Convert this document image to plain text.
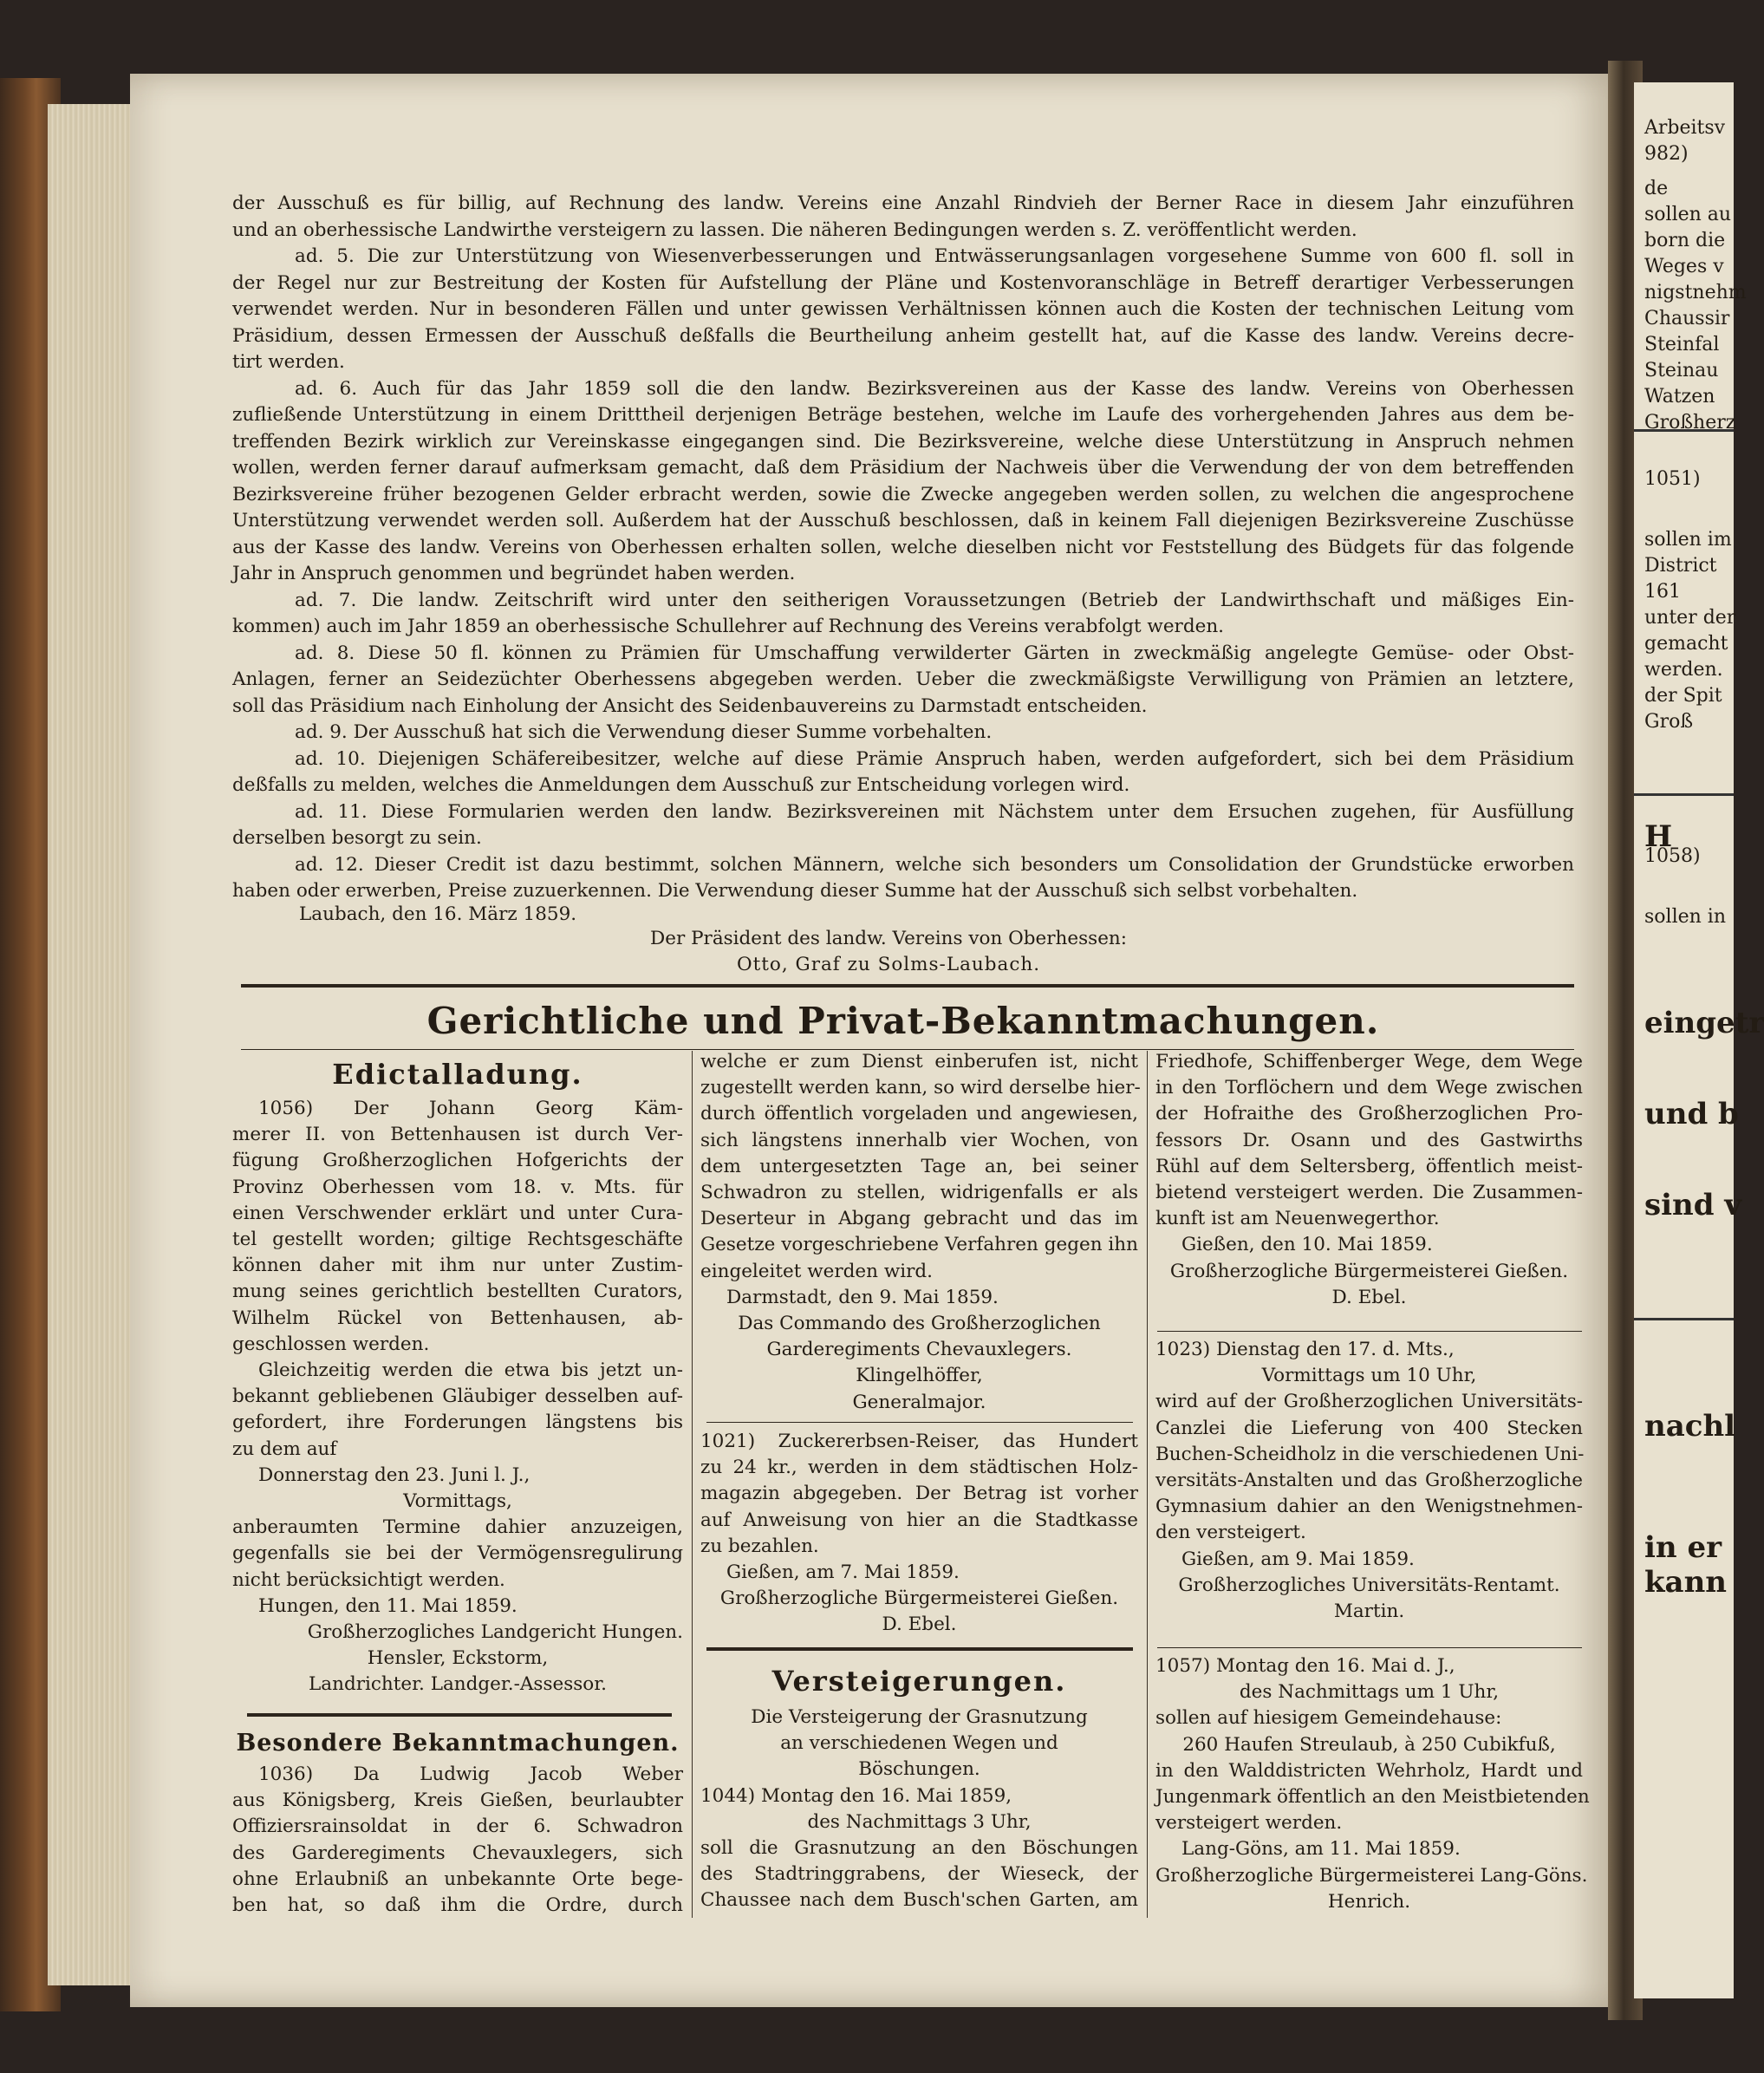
der Ausschuß es für billig, auf Rechnung des landw. Vereins eine Anzahl Rindvieh der Berner Race in diesem Jahr einzuführen

und an oberhessische Landwirthe versteigern zu lassen. Die näheren Bedingungen werden s. Z. veröffentlicht werden.

ad. 5. Die zur Unterstützung von Wiesenverbesserungen und Entwässerungsanlagen vorgesehene Summe von 600 fl. soll in

der Regel nur zur Bestreitung der Kosten für Aufstellung der Pläne und Kostenvoranschläge in Betreff derartiger Verbesserungen

verwendet werden. Nur in besonderen Fällen und unter gewissen Verhältnissen können auch die Kosten der technischen Leitung vom

Präsidium, dessen Ermessen der Ausschuß deßfalls die Beurtheilung anheim gestellt hat, auf die Kasse des landw. Vereins decre-

tirt werden.

ad. 6. Auch für das Jahr 1859 soll die den landw. Bezirksvereinen aus der Kasse des landw. Vereins von Oberhessen

zufließende Unterstützung in einem Dritttheil derjenigen Beträge bestehen, welche im Laufe des vorhergehenden Jahres aus dem be-

treffenden Bezirk wirklich zur Vereinskasse eingegangen sind. Die Bezirksvereine, welche diese Unterstützung in Anspruch nehmen

wollen, werden ferner darauf aufmerksam gemacht, daß dem Präsidium der Nachweis über die Verwendung der von dem betreffenden

Bezirksvereine früher bezogenen Gelder erbracht werden, sowie die Zwecke angegeben werden sollen, zu welchen die angesprochene

Unterstützung verwendet werden soll. Außerdem hat der Ausschuß beschlossen, daß in keinem Fall diejenigen Bezirksvereine Zuschüsse

aus der Kasse des landw. Vereins von Oberhessen erhalten sollen, welche dieselben nicht vor Feststellung des Büdgets für das folgende

Jahr in Anspruch genommen und begründet haben werden.

ad. 7. Die landw. Zeitschrift wird unter den seitherigen Voraussetzungen (Betrieb der Landwirthschaft und mäßiges Ein-

kommen) auch im Jahr 1859 an oberhessische Schullehrer auf Rechnung des Vereins verabfolgt werden.

ad. 8. Diese 50 fl. können zu Prämien für Umschaffung verwilderter Gärten in zweckmäßig angelegte Gemüse- oder Obst-

Anlagen, ferner an Seidezüchter Oberhessens abgegeben werden. Ueber die zweckmäßigste Verwilligung von Prämien an letztere,

soll das Präsidium nach Einholung der Ansicht des Seidenbauvereins zu Darmstadt entscheiden.

ad. 9. Der Ausschuß hat sich die Verwendung dieser Summe vorbehalten.

ad. 10. Diejenigen Schäfereibesitzer, welche auf diese Prämie Anspruch haben, werden aufgefordert, sich bei dem Präsidium

deßfalls zu melden, welches die Anmeldungen dem Ausschuß zur Entscheidung vorlegen wird.

ad. 11. Diese Formularien werden den landw. Bezirksvereinen mit Nächstem unter dem Ersuchen zugehen, für Ausfüllung

derselben besorgt zu sein.

ad. 12. Dieser Credit ist dazu bestimmt, solchen Männern, welche sich besonders um Consolidation der Grundstücke erworben

haben oder erwerben, Preise zuzuerkennen. Die Verwendung dieser Summe hat der Ausschuß sich selbst vorbehalten.

Laubach, den 16. März 1859.
Der Präsident des landw. Vereins von Oberhessen:
Otto, Graf zu Solms-Laubach.
Gerichtliche und Privat-Bekanntmachungen.

Edictalladung.

1056) Der Johann Georg Käm-

merer II. von Bettenhausen ist durch Ver-

fügung Großherzoglichen Hofgerichts der

Provinz Oberhessen vom 18. v. Mts. für

einen Verschwender erklärt und unter Cura-

tel gestellt worden; giltige Rechtsgeschäfte

können daher mit ihm nur unter Zustim-

mung seines gerichtlich bestellten Curators,

Wilhelm Rückel von Bettenhausen, ab-

geschlossen werden.

Gleichzeitig werden die etwa bis jetzt un-

bekannt gebliebenen Gläubiger desselben auf-

gefordert, ihre Forderungen längstens bis

zu dem auf

Donnerstag den 23. Juni l. J.,

Vormittags,

anberaumten Termine dahier anzuzeigen,

gegenfalls sie bei der Vermögensregulirung

nicht berücksichtigt werden.

Hungen, den 11. Mai 1859.

Großherzogliches Landgericht Hungen.

Hensler, Eckstorm,

Landrichter. Landger.-Assessor.

Besondere Bekanntmachungen.

1036) Da Ludwig Jacob Weber

aus Königsberg, Kreis Gießen, beurlaubter

Offiziersrainsoldat in der 6. Schwadron

des Garderegiments Chevauxlegers, sich

ohne Erlaubniß an unbekannte Orte bege-

ben hat, so daß ihm die Ordre, durch

welche er zum Dienst einberufen ist, nicht

zugestellt werden kann, so wird derselbe hier-

durch öffentlich vorgeladen und angewiesen,

sich längstens innerhalb vier Wochen, von

dem untergesetzten Tage an, bei seiner

Schwadron zu stellen, widrigenfalls er als

Deserteur in Abgang gebracht und das im

Gesetze vorgeschriebene Verfahren gegen ihn

eingeleitet werden wird.

Darmstadt, den 9. Mai 1859.

Das Commando des Großherzoglichen

Garderegiments Chevauxlegers.

Klingelhöffer,

Generalmajor.

1021) Zuckererbsen-Reiser, das Hundert

zu 24 kr., werden in dem städtischen Holz-

magazin abgegeben. Der Betrag ist vorher

auf Anweisung von hier an die Stadtkasse

zu bezahlen.

Gießen, am 7. Mai 1859.

Großherzogliche Bürgermeisterei Gießen.

D. Ebel.

Versteigerungen.

Die Versteigerung der Grasnutzung

an verschiedenen Wegen und

Böschungen.

1044) Montag den 16. Mai 1859,

des Nachmittags 3 Uhr,

soll die Grasnutzung an den Böschungen

des Stadtringgrabens, der Wieseck, der

Chaussee nach dem Busch'schen Garten, am

Friedhofe, Schiffenberger Wege, dem Wege

in den Torflöchern und dem Wege zwischen

der Hofraithe des Großherzoglichen Pro-

fessors Dr. Osann und des Gastwirths

Rühl auf dem Seltersberg, öffentlich meist-

bietend versteigert werden. Die Zusammen-

kunft ist am Neuenwegerthor.

Gießen, den 10. Mai 1859.

Großherzogliche Bürgermeisterei Gießen.

D. Ebel.

1023) Dienstag den 17. d. Mts.,

Vormittags um 10 Uhr,

wird auf der Großherzoglichen Universitäts-

Canzlei die Lieferung von 400 Stecken

Buchen-Scheidholz in die verschiedenen Uni-

versitäts-Anstalten und das Großherzogliche

Gymnasium dahier an den Wenigstnehmen-

den versteigert.

Gießen, am 9. Mai 1859.

Großherzogliches Universitäts-Rentamt.

Martin.

1057) Montag den 16. Mai d. J.,

des Nachmittags um 1 Uhr,

sollen auf hiesigem Gemeindehause:

260 Haufen Streulaub, à 250 Cubikfuß,

in den Walddistricten Wehrholz, Hardt und

Jungenmark öffentlich an den Meistbietenden

versteigert werden.

Lang-Göns, am 11. Mai 1859.

Großherzogliche Bürgermeisterei Lang-Göns.

Henrich.

Arbeitsv
982)
de
sollen au
born die
Weges v
nigstnehm
Chaussir
Steinfal
Steinau
Watzen
Großherz
1051)
sollen im
District
161
unter der
gemacht
werden.
der Spit
Groß
H
1058)
sollen in
eingetr
und b
sind v
nachl
in er
kann
